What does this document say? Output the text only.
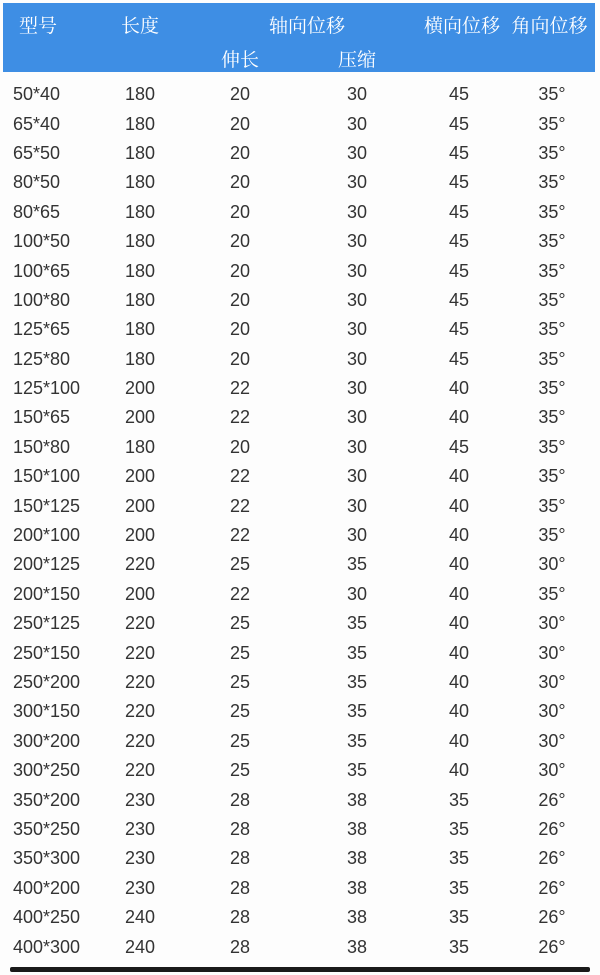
型号	长度	轴向位移		横向位移	角向位移
		伸长	压缩		
50*40	180	20	30	45	35°
65*40	180	20	30	45	35°
65*50	180	20	30	45	35°
80*50	180	20	30	45	35°
80*65	180	20	30	45	35°
100*50	180	20	30	45	35°
100*65	180	20	30	45	35°
100*80	180	20	30	45	35°
125*65	180	20	30	45	35°
125*80	180	20	30	45	35°
125*100	200	22	30	40	35°
150*65	200	22	30	40	35°
150*80	180	20	30	45	35°
150*100	200	22	30	40	35°
150*125	200	22	30	40	35°
200*100	200	22	30	40	35°
200*125	220	25	35	40	30°
200*150	200	22	30	40	35°
250*125	220	25	35	40	30°
250*150	220	25	35	40	30°
250*200	220	25	35	40	30°
300*150	220	25	35	40	30°
300*200	220	25	35	40	30°
300*250	220	25	35	40	30°
350*200	230	28	38	35	26°
350*250	230	28	38	35	26°
350*300	230	28	38	35	26°
400*200	230	28	38	35	26°
400*250	240	28	38	35	26°
400*300	240	28	38	35	26°
